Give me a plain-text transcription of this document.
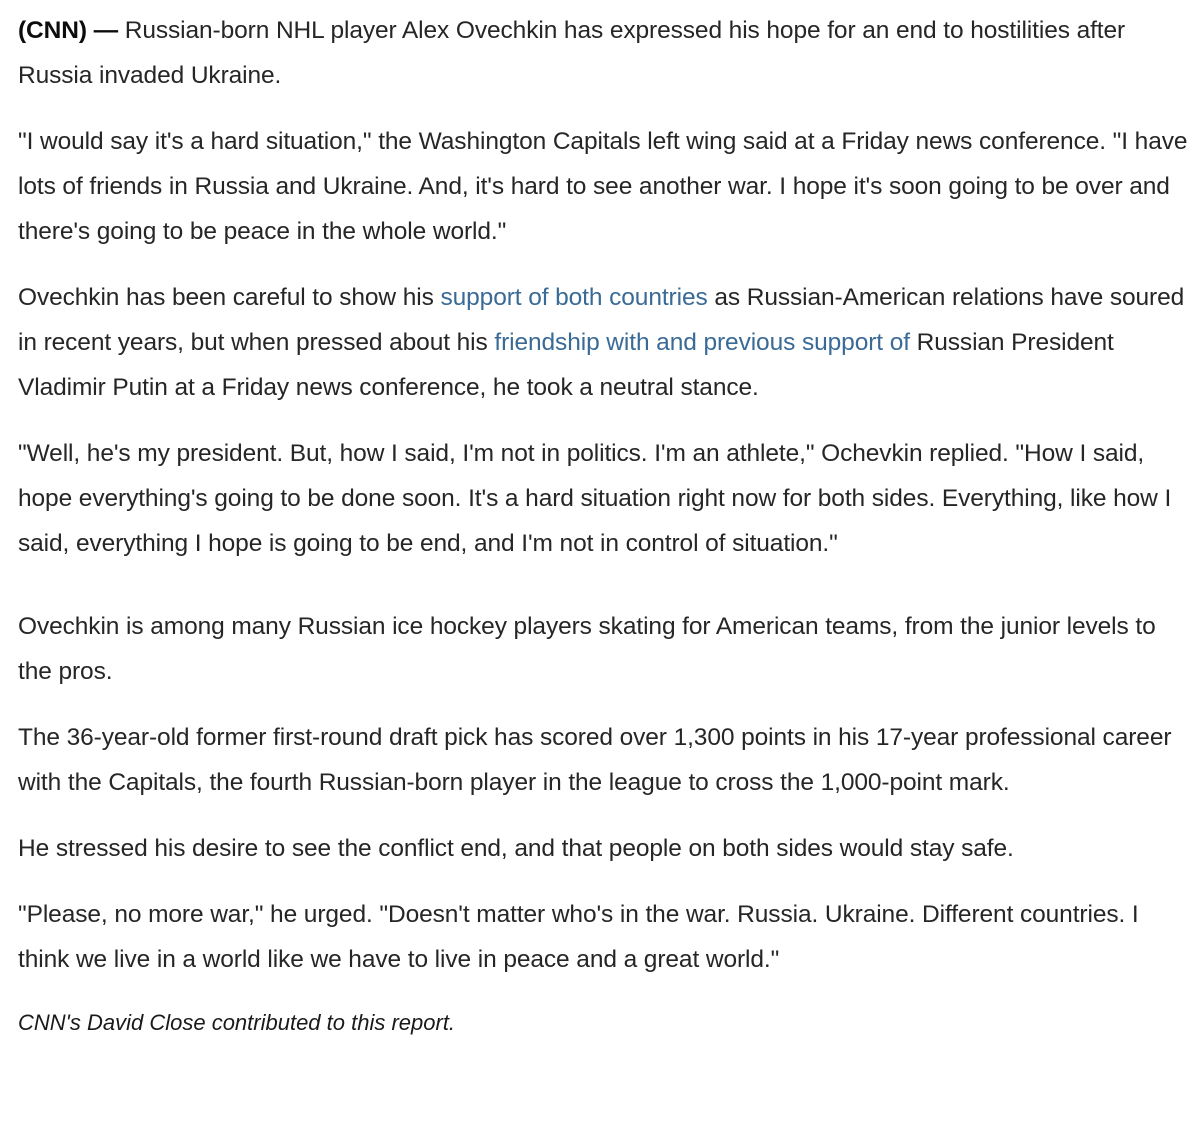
(CNN) — Russian-born NHL player Alex Ovechkin has expressed his hope for an end to hostilities after Russia invaded Ukraine.

"I would say it's a hard situation," the Washington Capitals left wing said at a Friday news conference. "I have lots of friends in Russia and Ukraine. And, it's hard to see another war. I hope it's soon going to be over and there's going to be peace in the whole world."

Ovechkin has been careful to show his support of both countries as Russian-American relations have soured in recent years, but when pressed about his friendship with and previous support of Russian President Vladimir Putin at a Friday news conference, he took a neutral stance.

"Well, he's my president. But, how I said, I'm not in politics. I'm an athlete," Ochevkin replied. "How I said, hope everything's going to be done soon. It's a hard situation right now for both sides. Everything, like how I said, everything I hope is going to be end, and I'm not in control of situation."

Ovechkin is among many Russian ice hockey players skating for American teams, from the junior levels to the pros.

The 36-year-old former first-round draft pick has scored over 1,300 points in his 17-year professional career with the Capitals, the fourth Russian-born player in the league to cross the 1,000-point mark.

He stressed his desire to see the conflict end, and that people on both sides would stay safe.

"Please, no more war," he urged. "Doesn't matter who's in the war. Russia. Ukraine. Different countries. I think we live in a world like we have to live in peace and a great world."

CNN's David Close contributed to this report.
